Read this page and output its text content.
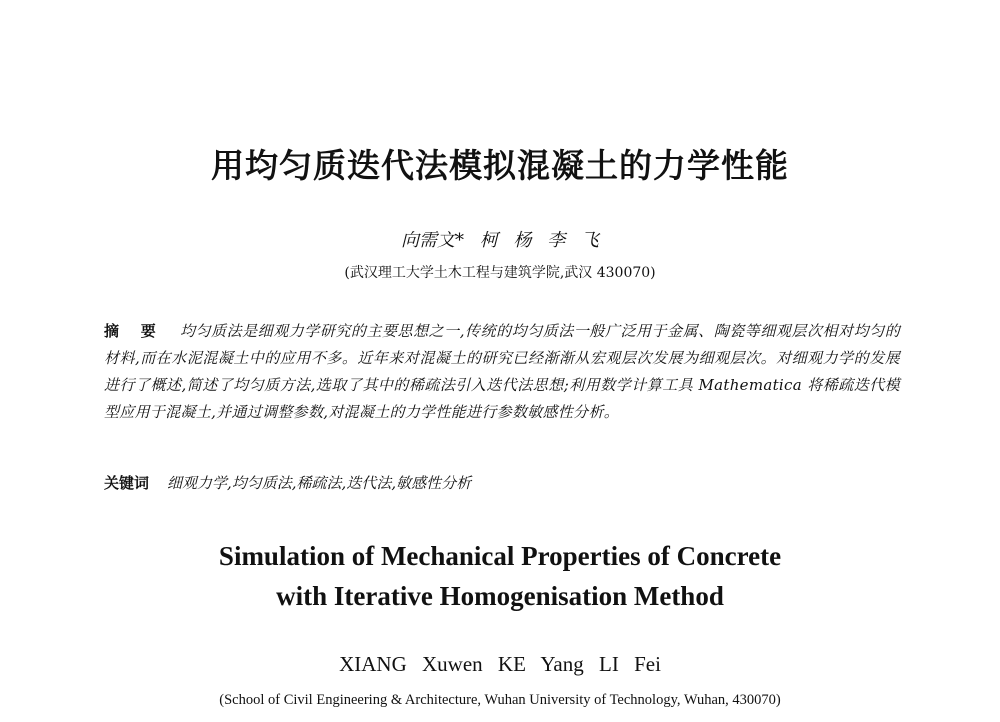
用均匀质迭代法模拟混凝土的力学性能
向需文* 柯 杨 李 飞
(武汉理工大学土木工程与建筑学院,武汉 430070)
摘 要 均匀质法是细观力学研究的主要思想之一,传统的均匀质法一般广泛用于金属、陶瓷等细观层次相对均匀的材料,而在水泥混凝土中的应用不多。近年来对混凝土的研究已经渐渐从宏观层次发展为细观层次。对细观力学的发展进行了概述,简述了均匀质方法,选取了其中的稀疏法引入迭代法思想;利用数学计算工具 Mathematica 将稀疏迭代模型应用于混凝土,并通过调整参数,对混凝土的力学性能进行参数敏感性分析。
关键词 细观力学,均匀质法,稀疏法,迭代法,敏感性分析
Simulation of Mechanical Properties of Concrete
with Iterative Homogenisation Method
XIANG Xuwen KE Yang LI Fei
(School of Civil Engineering & Architecture, Wuhan University of Technology, Wuhan, 430070)
